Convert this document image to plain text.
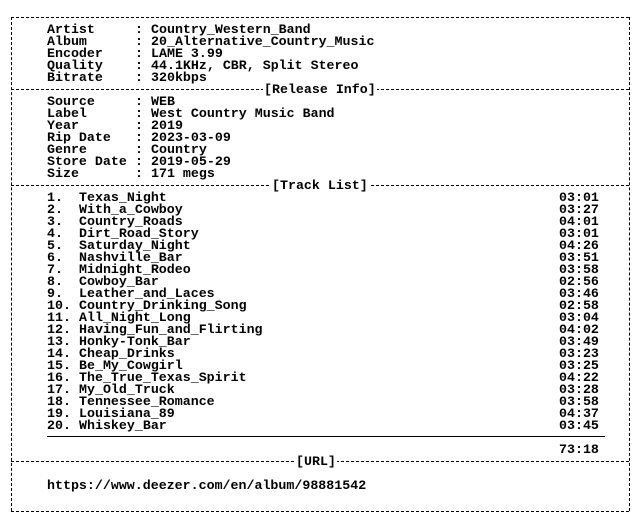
Artist	: Country_Western_Band
Album	: 20_Alternative_Country_Music
Encoder : LAME 3.99
Quality : 44.1KHz, CBR, Split Stereo
Bitrate : 320kbps
[Release Info]
Source	: WEB
Label	: West Country Music Band
Year	: 2019
Rip Date : 2023-03-09
Genre	: Country
Store Date : 2019-05-29
Size	: 171 megs
[Track List]
1. Texas_Night	03:01
2. With_a_Cowboy	03:27
3. Country_Roads	04:01
4. Dirt_Road_Story	03:01
5. Saturday_Night	04:26
6. Nashville_Bar	03:51
7. Midnight_Rodeo	03:58
8. Cowboy_Bar	02:56
9. Leather_and_Laces	03:46
10. Country_Drinking_Song	02:58
11. All_Night_Long	03:04
12. Having_Fun_and_Flirting	04:02
13. Honky-Tonk_Bar	03:49
14. Cheap_Drinks	03:23
15. Be_My_Cowgirl	03:25
16. The_True_Texas_Spirit	04:22
17. My_Old_Truck	03:28
18. Tennessee_Romance	03:58
19. Louisiana_89	04:37
20. Whiskey_Bar	03:45
73:18
[URL]
https://www.deezer.com/en/album/98881542
